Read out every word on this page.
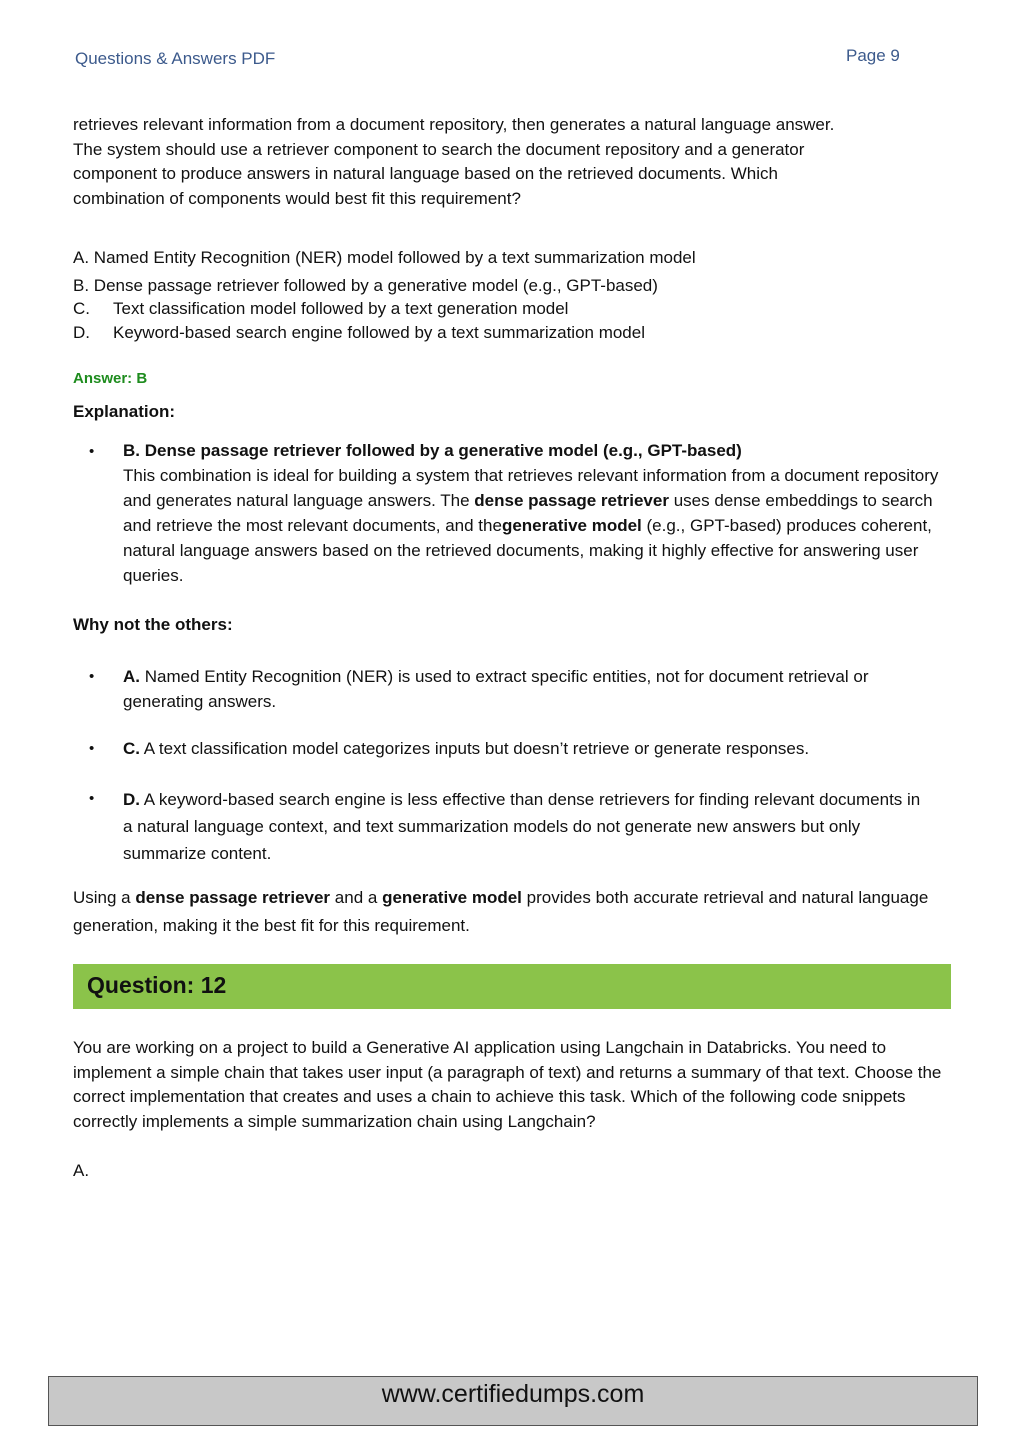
Questions & Answers PDF	Page 9
retrieves relevant information from a document repository, then generates a natural language answer.
The system should use a retriever component to search the document repository and a generator
component to produce answers in natural language based on the retrieved documents. Which
combination of components would best fit this requirement?
A. Named Entity Recognition (NER) model followed by a text summarization model
B. Dense passage retriever followed by a generative model (e.g., GPT-based)
C. Text classification model followed by a text generation model
D. Keyword-based search engine followed by a text summarization model
Answer: B
Explanation:
• B. Dense passage retriever followed by a generative model (e.g., GPT-based)
This combination is ideal for building a system that retrieves relevant information from a document repository and generates natural language answers. The dense passage retriever uses dense embeddings to search and retrieve the most relevant documents, and thegenerative model (e.g., GPT-based) produces coherent, natural language answers based on the retrieved documents, making it highly effective for answering user queries.
Why not the others:
• A. Named Entity Recognition (NER) is used to extract specific entities, not for document retrieval or generating answers.
• C. A text classification model categorizes inputs but doesn’t retrieve or generate responses.
• D. A keyword-based search engine is less effective than dense retrievers for finding relevant documents in a natural language context, and text summarization models do not generate new answers but only summarize content.
Using a dense passage retriever and a generative model provides both accurate retrieval and natural language generation, making it the best fit for this requirement.
Question: 12
You are working on a project to build a Generative AI application using Langchain in Databricks. You need to implement a simple chain that takes user input (a paragraph of text) and returns a summary of that text. Choose the correct implementation that creates and uses a chain to achieve this task. Which of the following code snippets correctly implements a simple summarization chain using Langchain?
A.
www.certifiedumps.com
